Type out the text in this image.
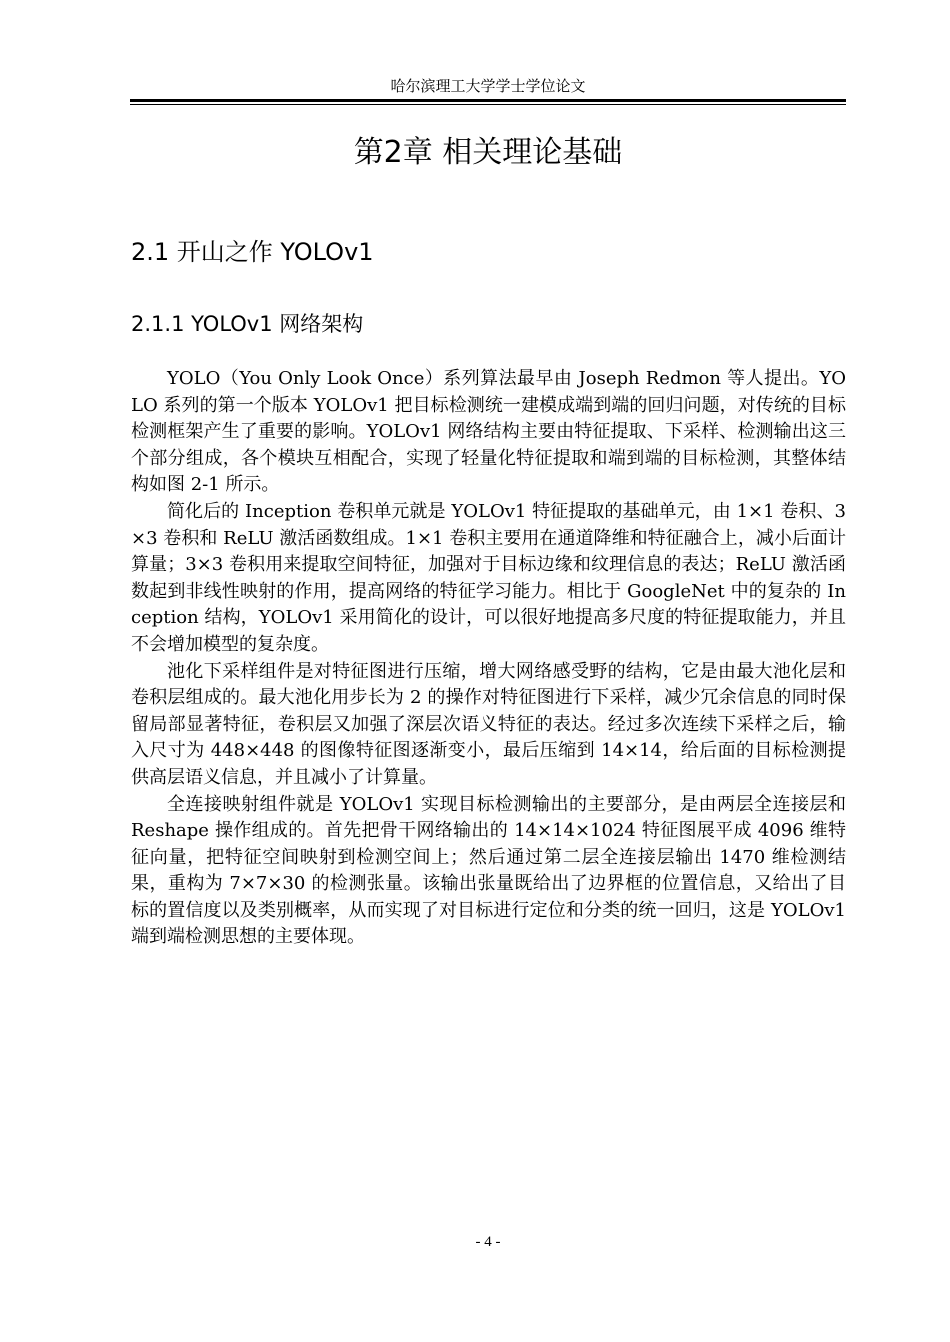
哈尔滨理工大学学士学位论文
第2章 相关理论基础
2.1 开山之作 YOLOv1
2.1.1 YOLOv1 网络架构

YOLO（You Only Look Once）系列算法最早由 Joseph Redmon 等人提出。YOLO 系列的第一个版本 YOLOv1 把目标检测统一建模成端到端的回归问题，对传统的目标检测框架产生了重要的影响。YOLOv1 网络结构主要由特征提取、下采样、检测输出这三个部分组成，各个模块互相配合，实现了轻量化特征提取和端到端的目标检测，其整体结构如图 2-1 所示。

简化后的 Inception 卷积单元就是 YOLOv1 特征提取的基础单元，由 1×1 卷积、3×3 卷积和 ReLU 激活函数组成。1×1 卷积主要用在通道降维和特征融合上，减小后面计算量；3×3 卷积用来提取空间特征，加强对于目标边缘和纹理信息的表达；ReLU 激活函数起到非线性映射的作用，提高网络的特征学习能力。相比于 GoogleNet 中的复杂的 Inception 结构，YOLOv1 采用简化的设计，可以很好地提高多尺度的特征提取能力，并且不会增加模型的复杂度。

池化下采样组件是对特征图进行压缩，增大网络感受野的结构，它是由最大池化层和卷积层组成的。最大池化用步长为 2 的操作对特征图进行下采样，减少冗余信息的同时保留局部显著特征，卷积层又加强了深层次语义特征的表达。经过多次连续下采样之后，输入尺寸为 448×448 的图像特征图逐渐变小，最后压缩到 14×14，给后面的目标检测提供高层语义信息，并且减小了计算量。

全连接映射组件就是 YOLOv1 实现目标检测输出的主要部分，是由两层全连接层和 Reshape 操作组成的。首先把骨干网络输出的 14×14×1024 特征图展平成 4096 维特征向量，把特征空间映射到检测空间上；然后通过第二层全连接层输出 1470 维检测结果，重构为 7×7×30 的检测张量。该输出张量既给出了边界框的位置信息，又给出了目标的置信度以及类别概率，从而实现了对目标进行定位和分类的统一回归，这是 YOLOv1 端到端检测思想的主要体现。

- 4 -
